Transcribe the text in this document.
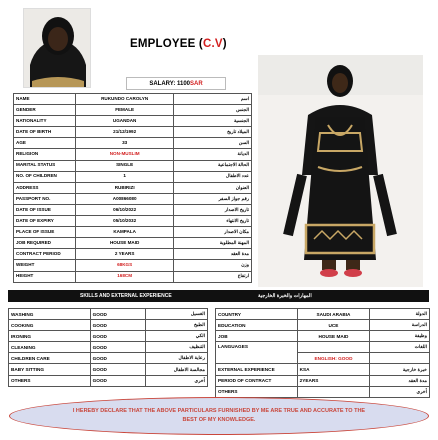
EMPLOYEE (C.V)
SALARY: 1100 SAR
NAME	RUKUNDO CAROLYN	اسم
GENDER	FEMALE	الجنس
NATIONALITY	UGANDAN	الجنسية
DATE OF BIRTH	21/12/1992	الميلاد تاريخ
AGE	33	السن
RELIGION	NON-MUSLIM	الديانة
MARITAL STATUS	SINGLE	الحالة الاجتماعية
NO. OF CHILDREN	1	عدد الاطفال
ADDRESS	RUBIRIZI	العنوان
PASSPORT NO.	A00866080	رقم جواز السفر
DATE OF ISSUE	06/10/2022	تاريخ الاصدار
DATE OF EXPIRY	05/10/2032	تاريخ الانتهاء
PLACE OF ISSUE	KAMPALA	مكان الاصدار
JOB REQUIRED	HOUSE MAID	المهنة المطلوبة
CONTRACT PERIOD	2 YEARS	مدة العقد
WEIGHT	68KGS	وزن
HEIGHT	168CM	ارتفاع
SKILLS AND EXTERNAL EXPERIENCE	المهارات والخبرة الخارجية
WASHING	GOOD	الغسيل
COOKING	GOOD	الطبخ
IRONING	GOOD	الكي
CLEANING	GOOD	التنظيف
CHILDREN CARE	GOOD	رعاية الاطفال
BABY SITTING	GOOD	مجالسة الاطفال
OTHERS	GOOD	أخرى
COUNTRY	SAUDI ARABIA	الدولة
EDUCATION	UCE	الدراسة
JOB	HOUSE MAID	وظيفة
LANGUAGES		اللغات
	ENGLISH: GOOD	
EXTERNAL EXPERIENCE	KSA	خبرة خارجية
PERIOD OF CONTRACT	2YEARS	مدة العقد
OTHERS		أخرى
I HEREBY DECLARE THAT THE ABOVE PARTICULARS FURNISHED BY ME ARE TRUE AND ACCURATE TO THE BEST OF MY KNOWLEDGE.
